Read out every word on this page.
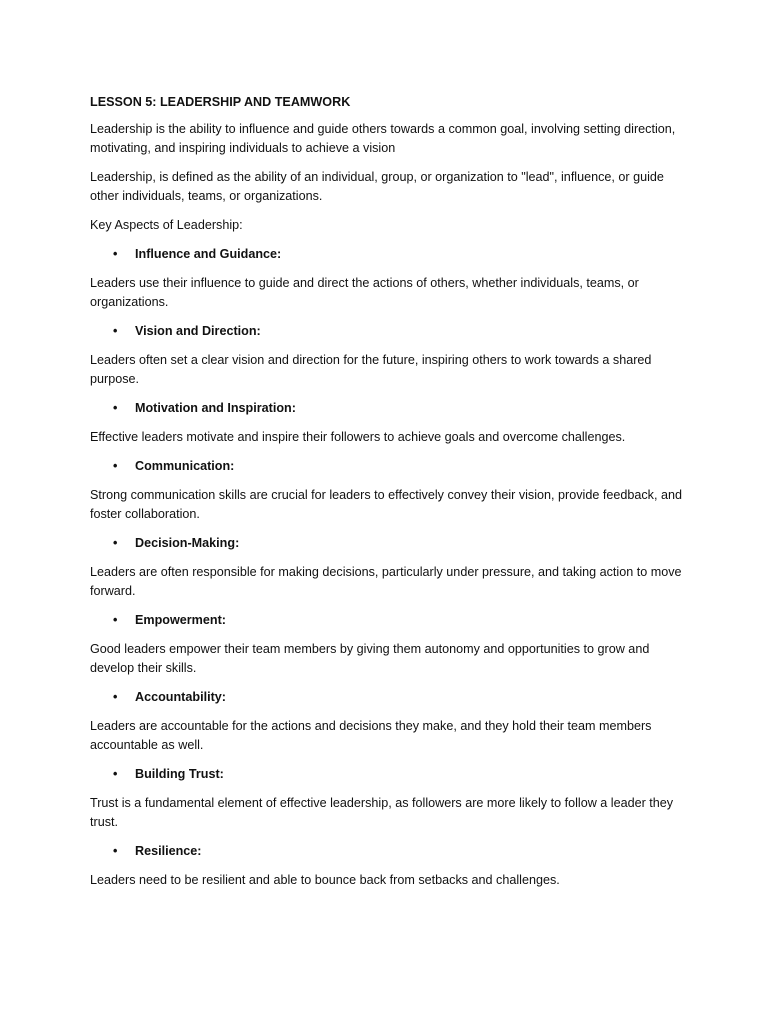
LESSON 5: LEADERSHIP AND TEAMWORK
Leadership is the ability to influence and guide others towards a common goal, involving setting direction, motivating, and inspiring individuals to achieve a vision
Leadership, is defined as the ability of an individual, group, or organization to "lead", influence, or guide other individuals, teams, or organizations.
Key Aspects of Leadership:
• Influence and Guidance:
Leaders use their influence to guide and direct the actions of others, whether individuals, teams, or organizations.
• Vision and Direction:
Leaders often set a clear vision and direction for the future, inspiring others to work towards a shared purpose.
• Motivation and Inspiration:
Effective leaders motivate and inspire their followers to achieve goals and overcome challenges.
• Communication:
Strong communication skills are crucial for leaders to effectively convey their vision, provide feedback, and foster collaboration.
• Decision-Making:
Leaders are often responsible for making decisions, particularly under pressure, and taking action to move forward.
• Empowerment:
Good leaders empower their team members by giving them autonomy and opportunities to grow and develop their skills.
• Accountability:
Leaders are accountable for the actions and decisions they make, and they hold their team members accountable as well.
• Building Trust:
Trust is a fundamental element of effective leadership, as followers are more likely to follow a leader they trust.
• Resilience:
Leaders need to be resilient and able to bounce back from setbacks and challenges.
